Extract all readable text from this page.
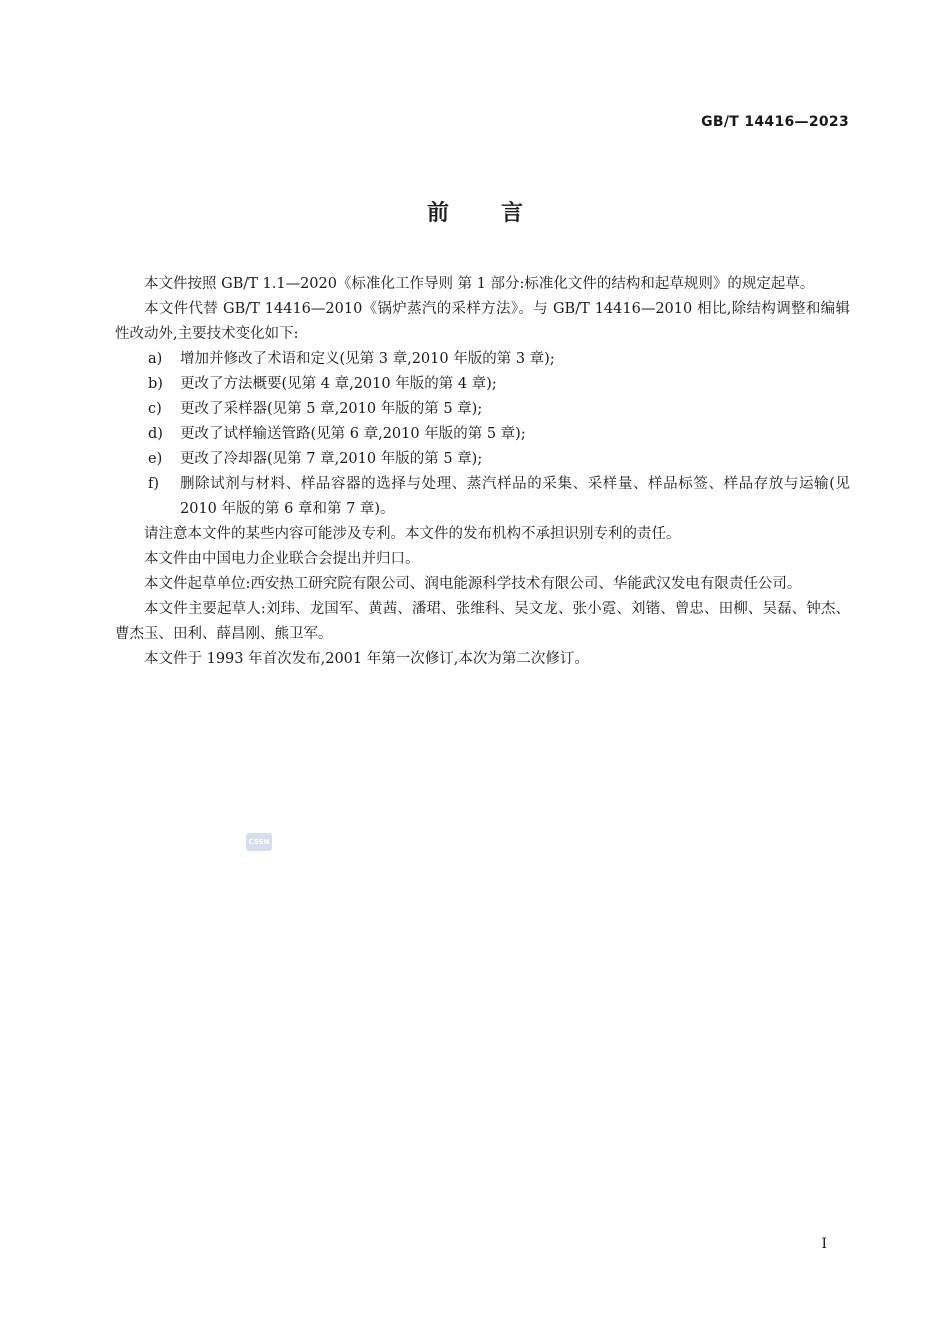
GB/T 14416—2023
前 言

本文件按照 GB/T 1.1—2020《标准化工作导则 第 1 部分:标准化文件的结构和起草规则》的规定起草。

本文件代替 GB/T 14416—2010《锅炉蒸汽的采样方法》。与 GB/T 14416—2010 相比,除结构调整和编辑性改动外,主要技术变化如下:

a) 增加并修改了术语和定义(见第 3 章,2010 年版的第 3 章);
b) 更改了方法概要(见第 4 章,2010 年版的第 4 章);
c) 更改了采样器(见第 5 章,2010 年版的第 5 章);
d) 更改了试样输送管路(见第 6 章,2010 年版的第 5 章);
e) 更改了冷却器(见第 7 章,2010 年版的第 5 章);
f) 删除试剂与材料、样品容器的选择与处理、蒸汽样品的采集、采样量、样品标签、样品存放与运输(见 2010 年版的第 6 章和第 7 章)。

请注意本文件的某些内容可能涉及专利。本文件的发布机构不承担识别专利的责任。

本文件由中国电力企业联合会提出并归口。

本文件起草单位:西安热工研究院有限公司、润电能源科学技术有限公司、华能武汉发电有限责任公司。

本文件主要起草人:刘玮、龙国军、黄茜、潘珺、张维科、吴文龙、张小霓、刘锴、曾忠、田柳、吴磊、钟杰、曹杰玉、田利、薛昌刚、熊卫军。

本文件于 1993 年首次发布,2001 年第一次修订,本次为第二次修订。

CSSN
I
